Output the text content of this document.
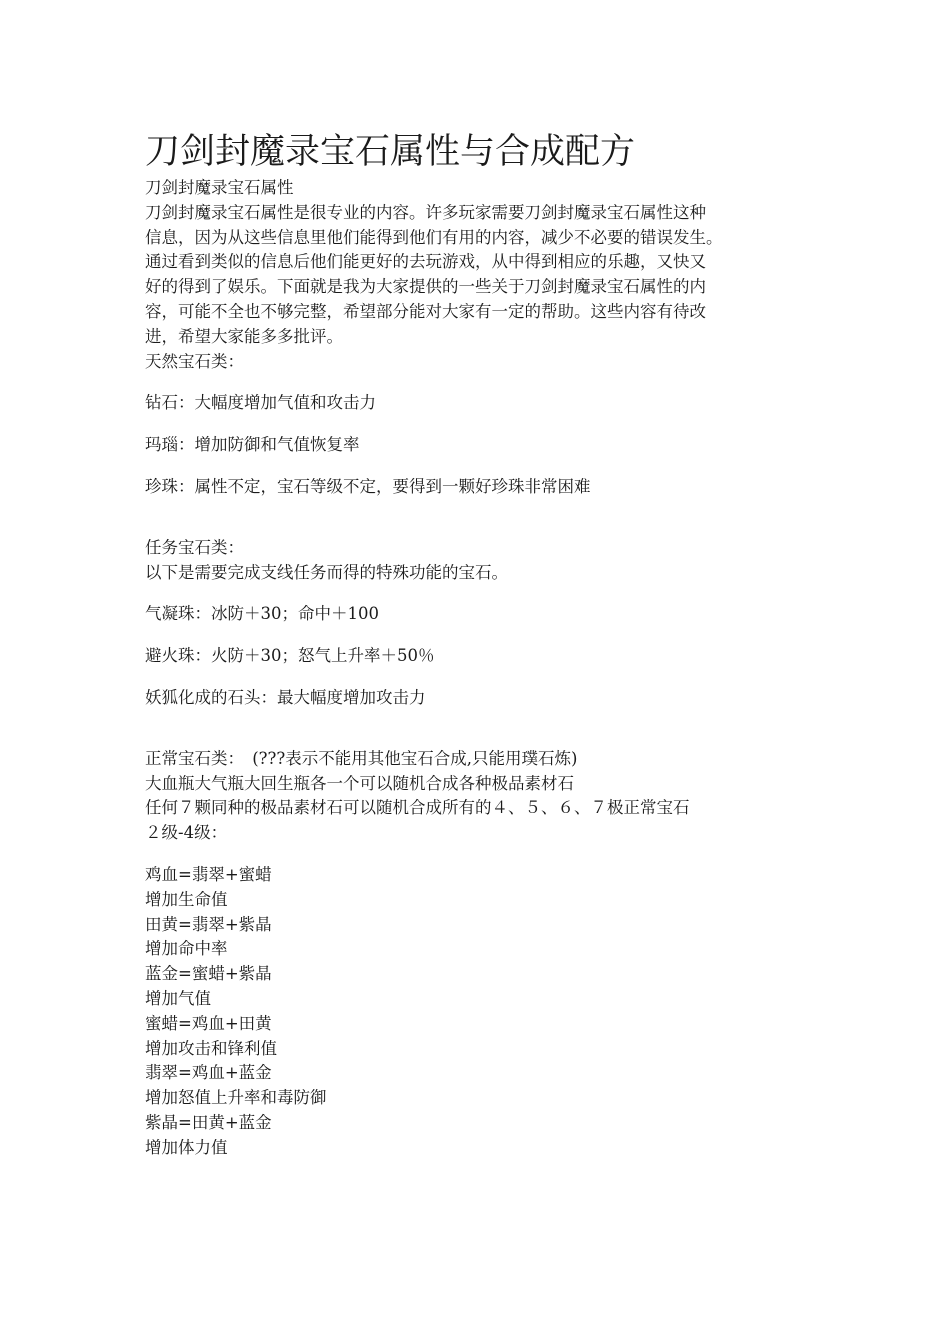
刀剑封魔录宝石属性与合成配方

刀剑封魔录宝石属性

刀剑封魔录宝石属性是很专业的内容。许多玩家需要刀剑封魔录宝石属性这种

信息，因为从这些信息里他们能得到他们有用的内容，减少不必要的错误发生。

通过看到类似的信息后他们能更好的去玩游戏，从中得到相应的乐趣，又快又

好的得到了娱乐。下面就是我为大家提供的一些关于刀剑封魔录宝石属性的内

容，可能不全也不够完整，希望部分能对大家有一定的帮助。这些内容有待改

进，希望大家能多多批评。

天然宝石类：

钻石：大幅度增加气值和攻击力

玛瑙：增加防御和气值恢复率

珍珠：属性不定，宝石等级不定，要得到一颗好珍珠非常困难

任务宝石类：

以下是需要完成支线任务而得的特殊功能的宝石。

气凝珠：冰防＋30；命中＋100

避火珠：火防＋30；怒气上升率＋50％

妖狐化成的石头：最大幅度增加攻击力

正常宝石类：　(???表示不能用其他宝石合成,只能用璞石炼)

大血瓶大气瓶大回生瓶各一个可以随机合成各种极品素材石

任何７颗同种的极品素材石可以随机合成所有的４、５、６、７极正常宝石

２级-4级：

鸡血=翡翠+蜜蜡

增加生命值

田黄=翡翠+紫晶

增加命中率

蓝金=蜜蜡+紫晶

增加气值

蜜蜡=鸡血+田黄

增加攻击和锋利值

翡翠=鸡血+蓝金

增加怒值上升率和毒防御

紫晶=田黄+蓝金

增加体力值
